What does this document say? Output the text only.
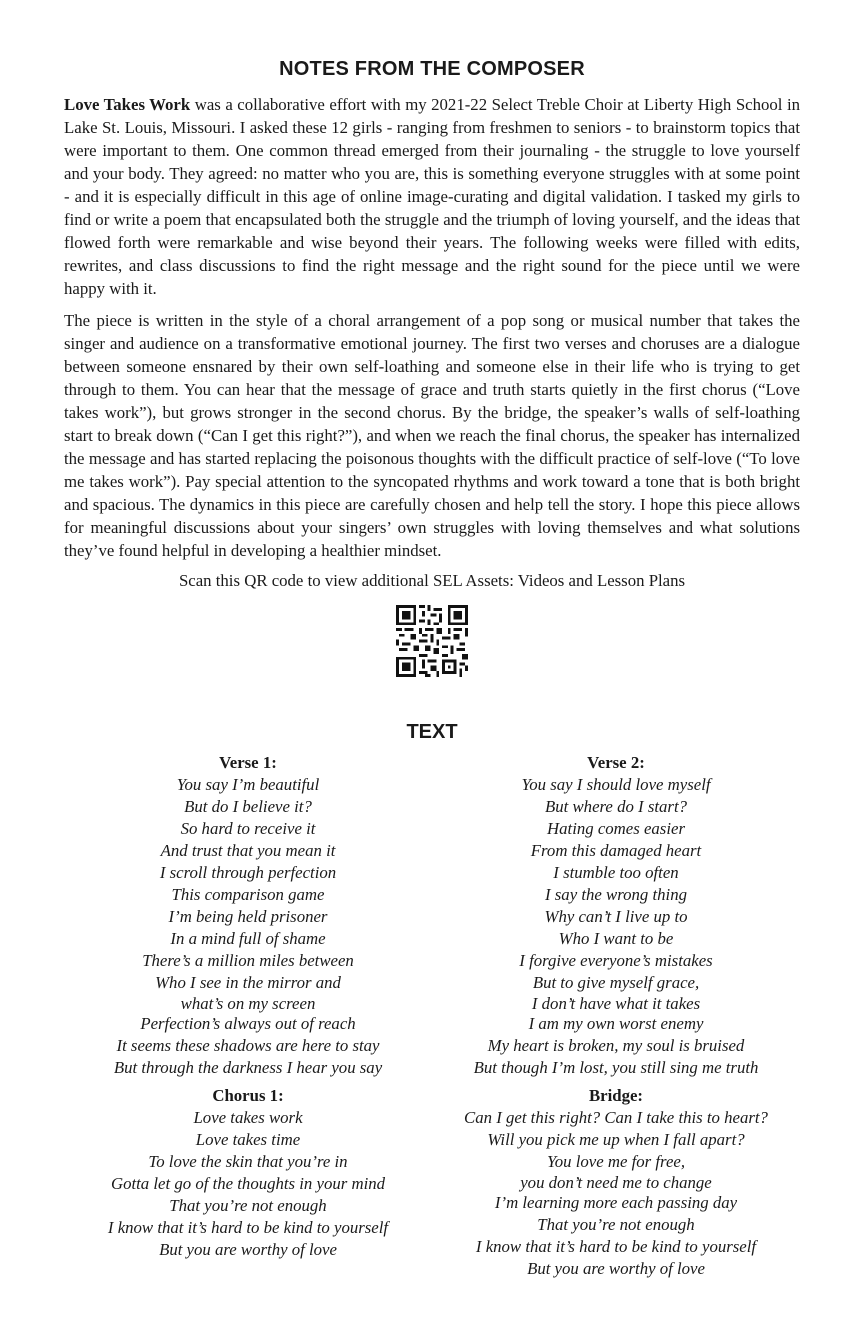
NOTES FROM THE COMPOSER

Love Takes Work was a collaborative effort with my 2021-22 Select Treble Choir at Liberty High School in Lake St. Louis, Missouri. I asked these 12 girls - ranging from freshmen to seniors - to brainstorm topics that were important to them. One common thread emerged from their journaling - the struggle to love yourself and your body. They agreed: no matter who you are, this is something everyone struggles with at some point - and it is especially difficult in this age of online image-curating and digital validation. I tasked my girls to find or write a poem that encapsulated both the struggle and the triumph of loving yourself, and the ideas that flowed forth were remarkable and wise beyond their years. The following weeks were filled with edits, rewrites, and class discussions to find the right message and the right sound for the piece until we were happy with it.

The piece is written in the style of a choral arrangement of a pop song or musical number that takes the singer and audience on a transformative emotional journey. The first two verses and choruses are a dialogue between someone ensnared by their own self-loathing and someone else in their life who is trying to get through to them. You can hear that the message of grace and truth starts quietly in the first chorus (“Love takes work”), but grows stronger in the second chorus. By the bridge, the speaker’s walls of self-loathing start to break down (“Can I get this right?”), and when we reach the final chorus, the speaker has internalized the message and has started replacing the poisonous thoughts with the difficult practice of self-love (“To love me takes work”). Pay special attention to the syncopated rhythms and work toward a tone that is both bright and spacious. The dynamics in this piece are carefully chosen and help tell the story. I hope this piece allows for meaningful discussions about your singers’ own struggles with loving themselves and what solutions they’ve found helpful in developing a healthier mindset.

Scan this QR code to view additional SEL Assets: Videos and Lesson Plans
TEXT
Verse 1:
You say I’m beautiful
But do I believe it?
So hard to receive it
And trust that you mean it
I scroll through perfection
This comparison game
I’m being held prisoner
In a mind full of shame
There’s a million miles between
Who I see in the mirror and
what’s on my screen
Perfection’s always out of reach
It seems these shadows are here to stay
But through the darkness I hear you say
Chorus 1:
Love takes work
Love takes time
To love the skin that you’re in
Gotta let go of the thoughts in your mind
That you’re not enough
I know that it’s hard to be kind to yourself
But you are worthy of love
Verse 2:
You say I should love myself
But where do I start?
Hating comes easier
From this damaged heart
I stumble too often
I say the wrong thing
Why can’t I live up to
Who I want to be
I forgive everyone’s mistakes
But to give myself grace,
I don’t have what it takes
I am my own worst enemy
My heart is broken, my soul is bruised
But though I’m lost, you still sing me truth
Bridge:
Can I get this right? Can I take this to heart?
Will you pick me up when I fall apart?
You love me for free,
you don’t need me to change
I’m learning more each passing day
That you’re not enough
I know that it’s hard to be kind to yourself
But you are worthy of love
